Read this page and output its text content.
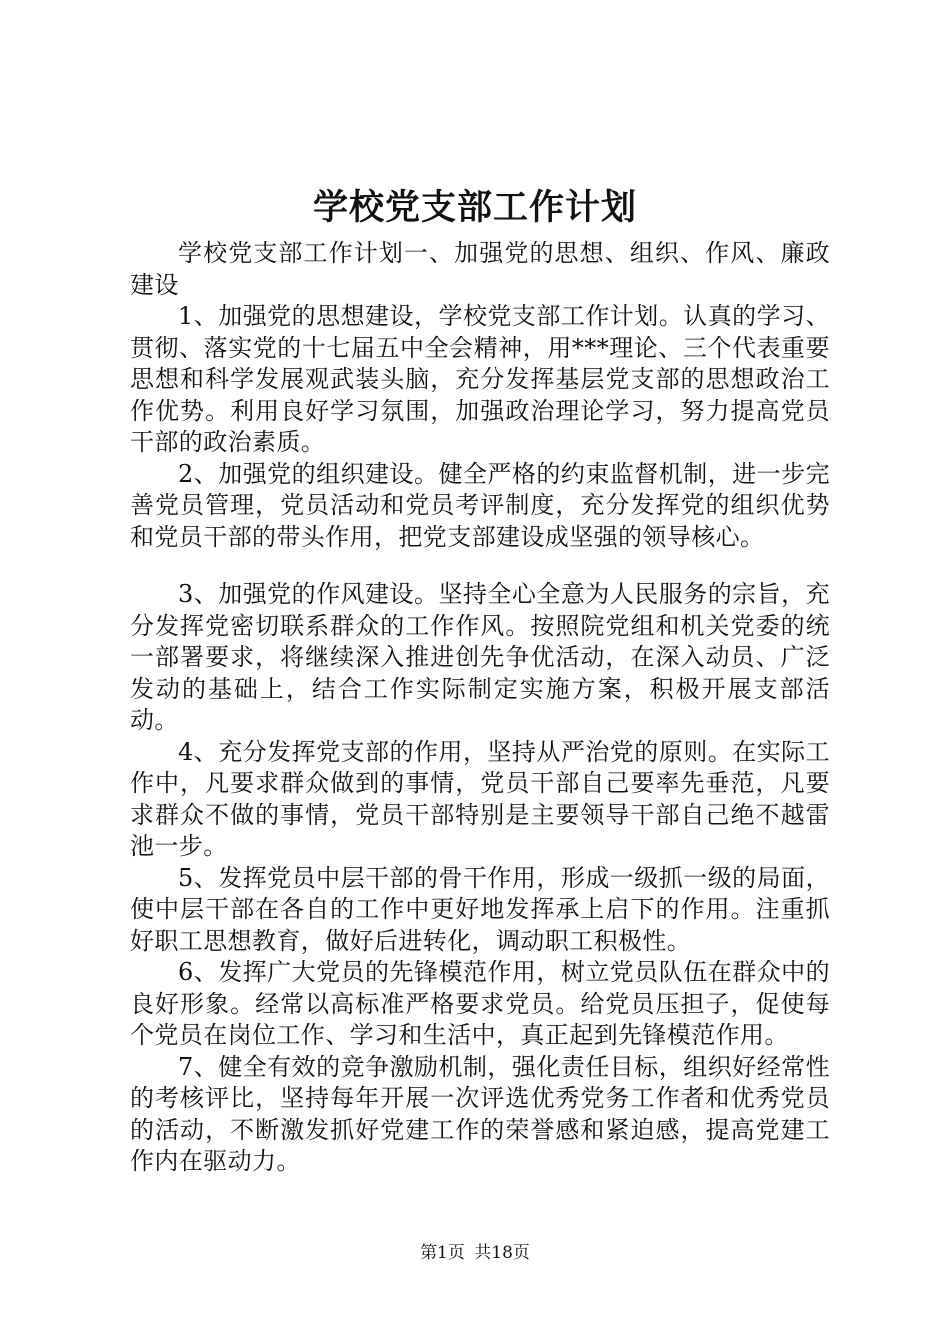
学校党支部工作计划

学校党支部工作计划一、加强党的思想、组织、作风、廉政建设

1、加强党的思想建设，学校党支部工作计划。认真的学习、贯彻、落实党的十七届五中全会精神，用***理论、三个代表重要思想和科学发展观武装头脑，充分发挥基层党支部的思想政治工作优势。利用良好学习氛围，加强政治理论学习，努力提高党员干部的政治素质。

2、加强党的组织建设。健全严格的约束监督机制，进一步完善党员管理，党员活动和党员考评制度，充分发挥党的组织优势和党员干部的带头作用，把党支部建设成坚强的领导核心。

3、加强党的作风建设。坚持全心全意为人民服务的宗旨，充分发挥党密切联系群众的工作作风。按照院党组和机关党委的统一部署要求，将继续深入推进创先争优活动，在深入动员、广泛发动的基础上，结合工作实际制定实施方案，积极开展支部活动。

4、充分发挥党支部的作用，坚持从严治党的原则。在实际工作中，凡要求群众做到的事情，党员干部自己要率先垂范，凡要求群众不做的事情，党员干部特别是主要领导干部自己绝不越雷池一步。

5、发挥党员中层干部的骨干作用，形成一级抓一级的局面，使中层干部在各自的工作中更好地发挥承上启下的作用。注重抓好职工思想教育，做好后进转化，调动职工积极性。

6、发挥广大党员的先锋模范作用，树立党员队伍在群众中的良好形象。经常以高标准严格要求党员。给党员压担子，促使每个党员在岗位工作、学习和生活中，真正起到先锋模范作用。

7、健全有效的竞争激励机制，强化责任目标，组织好经常性的考核评比，坚持每年开展一次评选优秀党务工作者和优秀党员的活动，不断激发抓好党建工作的荣誉感和紧迫感，提高党建工作内在驱动力。

第1页 共18页
